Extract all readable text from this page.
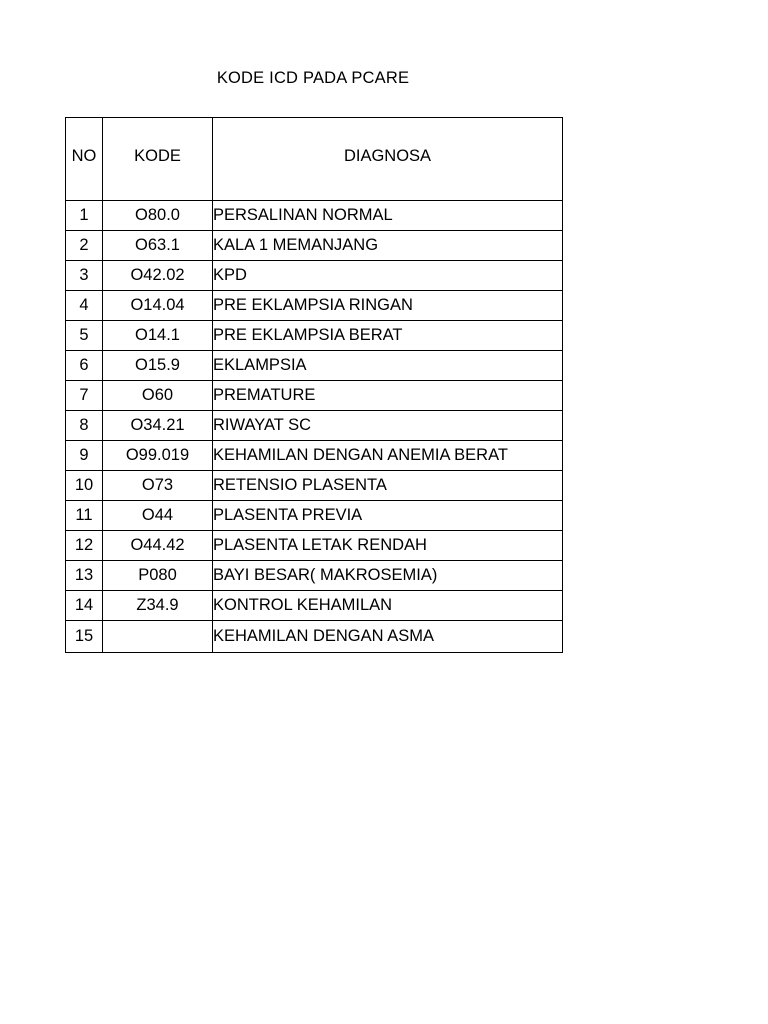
KODE ICD PADA PCARE
NO	KODE	DIAGNOSA
1	O80.0	PERSALINAN NORMAL
2	O63.1	KALA 1 MEMANJANG
3	O42.02	KPD
4	O14.04	PRE EKLAMPSIA RINGAN
5	O14.1	PRE EKLAMPSIA BERAT
6	O15.9	EKLAMPSIA
7	O60	PREMATURE
8	O34.21	RIWAYAT SC
9	O99.019	KEHAMILAN DENGAN ANEMIA BERAT
10	O73	RETENSIO PLASENTA
11	O44	PLASENTA PREVIA
12	O44.42	PLASENTA LETAK RENDAH
13	P080	BAYI BESAR( MAKROSEMIA)
14	Z34.9	KONTROL KEHAMILAN
15		KEHAMILAN DENGAN ASMA
